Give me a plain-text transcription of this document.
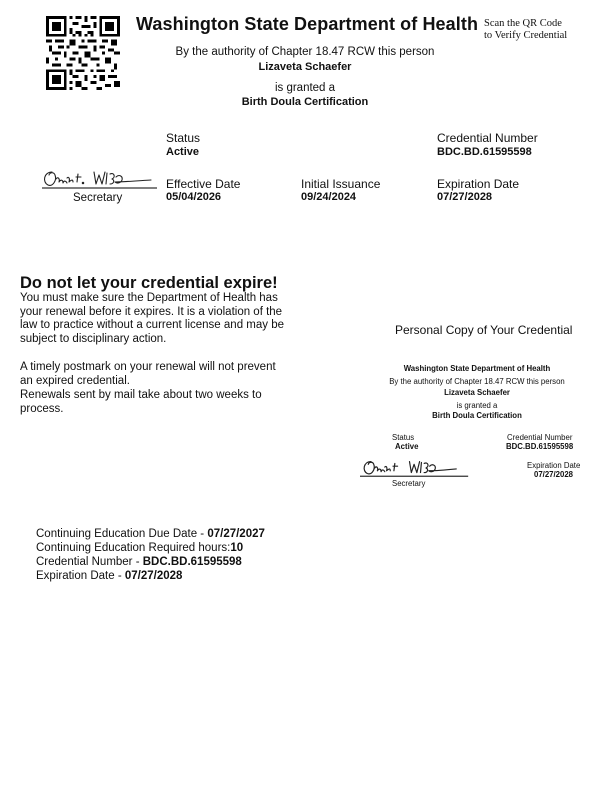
Washington State Department of Health Scan the QR Code
to Verify Credential
By the authority of Chapter 18.47 RCW this person
Lizaveta Schaefer
is granted a
Birth Doula Certification
Status
Active
Credential Number
BDC.BD.61595598
Effective Date
05/04/2026
Initial Issuance
09/24/2024
Expiration Date
07/27/2028
Secretary
Do not let your credential expire!
You must make sure the Department of Health has your renewal before it expires. It is a violation of the law to practice without a current license and may be subject to disciplinary action.
A timely postmark on your renewal will not prevent an expired credential.
Renewals sent by mail take about two weeks to process.
Personal Copy of Your Credential
Washington State Department of Health
By the authority of Chapter 18.47 RCW this person
Lizaveta Schaefer
is granted a
Birth Doula Certification
Status
Active
Credential Number
BDC.BD.61595598
Expiration Date
07/27/2028
Secretary
Continuing Education Due Date - 07/27/2027
Continuing Education Required hours:10
Credential Number - BDC.BD.61595598
Expiration Date - 07/27/2028
